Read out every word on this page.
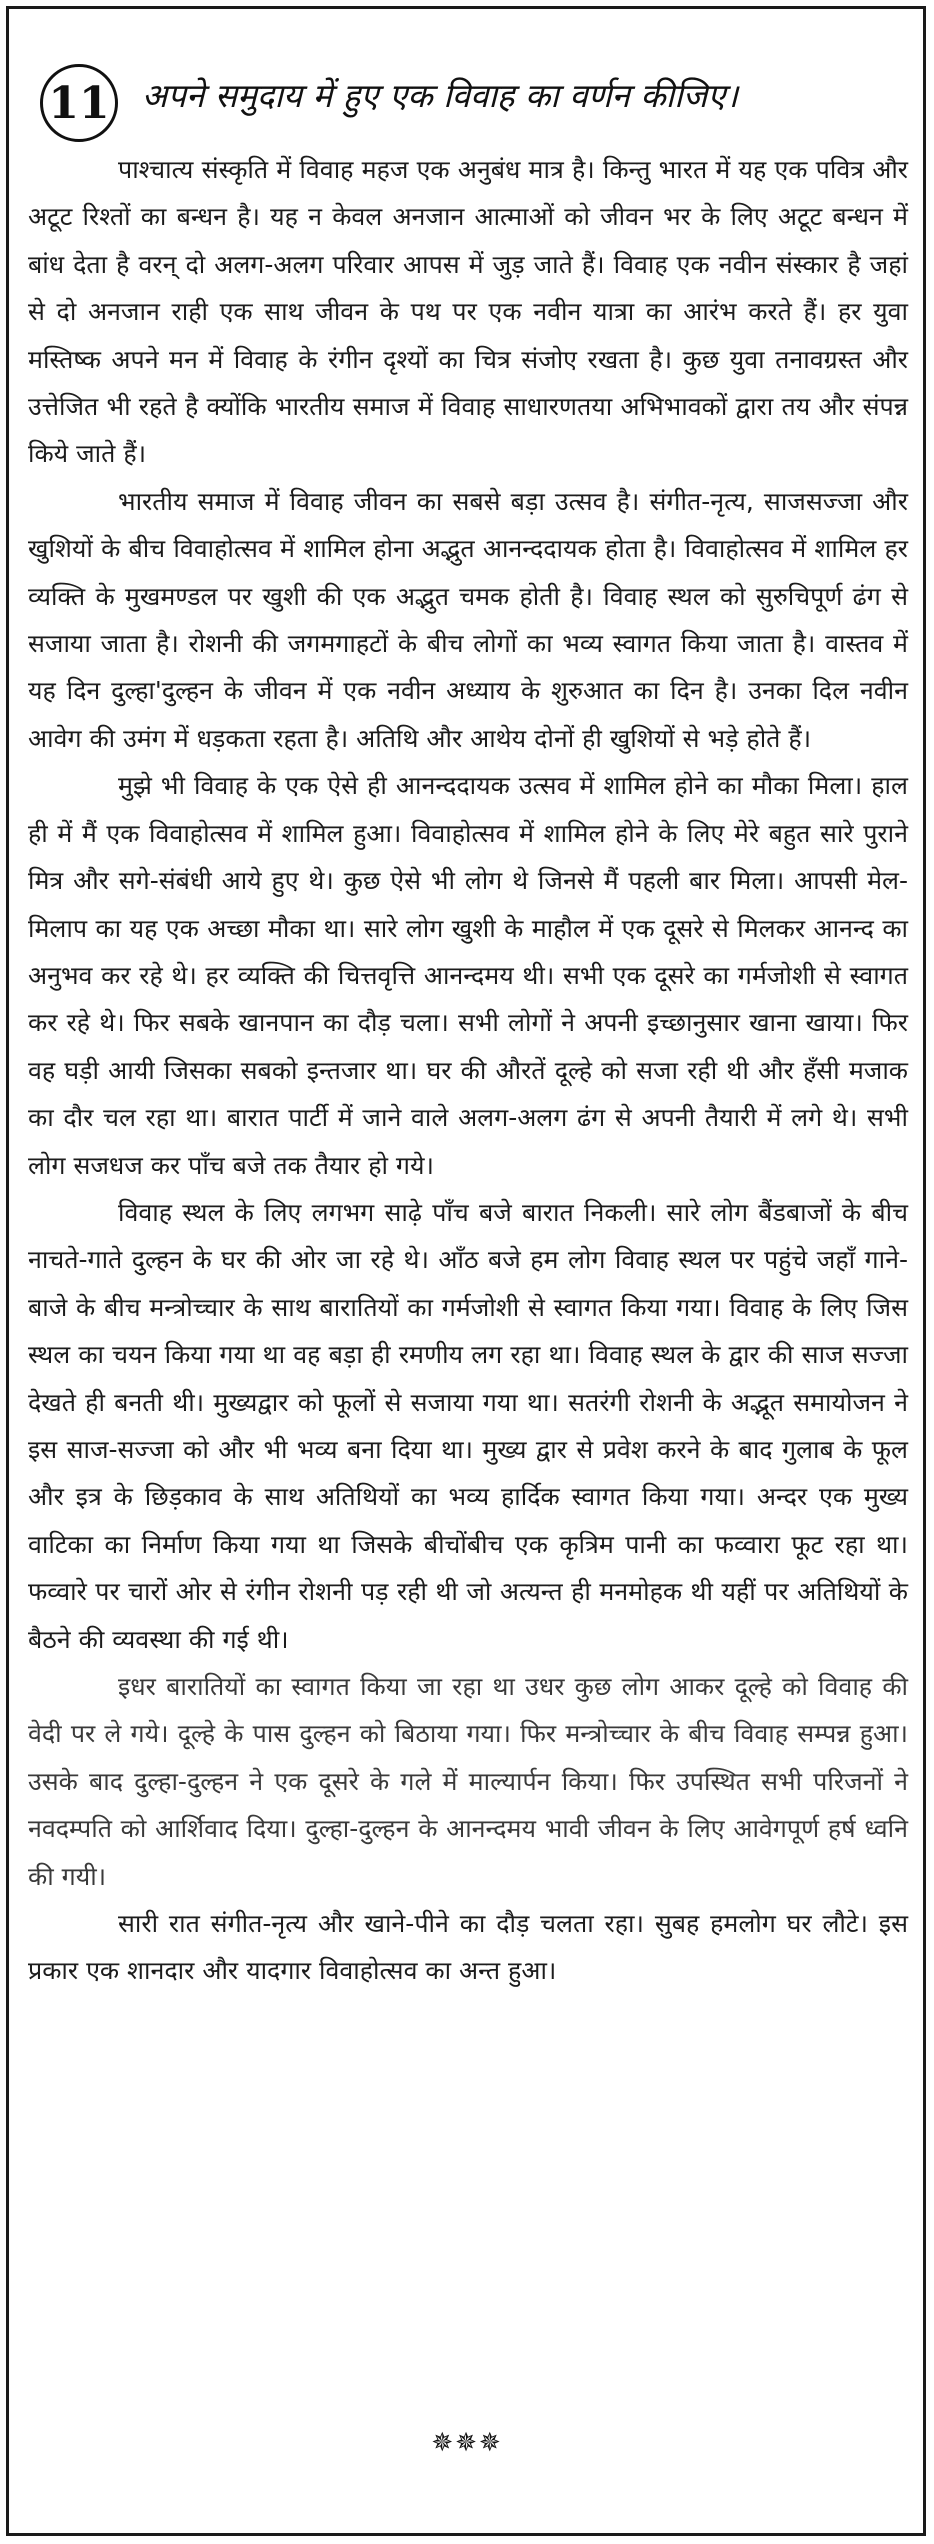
11 अपने समुदाय में हुए एक विवाह का वर्णन कीजिए।

पाश्चात्य संस्कृति में विवाह महज एक अनुबंध मात्र है। किन्तु भारत में यह एक पवित्र और अटूट रिश्तों का बन्धन है। यह न केवल अनजान आत्माओं को जीवन भर के लिए अटूट बन्धन में बांध देता है वरन् दो अलग-अलग परिवार आपस में जुड़ जाते हैं। विवाह एक नवीन संस्कार है जहां से दो अनजान राही एक साथ जीवन के पथ पर एक नवीन यात्रा का आरंभ करते हैं। हर युवा मस्तिष्क अपने मन में विवाह के रंगीन दृश्यों का चित्र संजोए रखता है। कुछ युवा तनावग्रस्त और उत्तेजित भी रहते है क्योंकि भारतीय समाज में विवाह साधारणतया अभिभावकों द्वारा तय और संपन्न किये जाते हैं।

भारतीय समाज में विवाह जीवन का सबसे बड़ा उत्सव है। संगीत-नृत्य, साजसज्जा और खुशियों के बीच विवाहोत्सव में शामिल होना अद्भुत आनन्ददायक होता है। विवाहोत्सव में शामिल हर व्यक्ति के मुखमण्डल पर खुशी की एक अद्भुत चमक होती है। विवाह स्थल को सुरुचिपूर्ण ढंग से सजाया जाता है। रोशनी की जगमगाहटों के बीच लोगों का भव्य स्वागत किया जाता है। वास्तव में यह दिन दुल्हा'दुल्हन के जीवन में एक नवीन अध्याय के शुरुआत का दिन है। उनका दिल नवीन आवेग की उमंग में धड़कता रहता है। अतिथि और आथेय दोनों ही खुशियों से भड़े होते हैं।

मुझे भी विवाह के एक ऐसे ही आनन्ददायक उत्सव में शामिल होने का मौका मिला। हाल ही में मैं एक विवाहोत्सव में शामिल हुआ। विवाहोत्सव में शामिल होने के लिए मेरे बहुत सारे पुराने मित्र और सगे-संबंधी आये हुए थे। कुछ ऐसे भी लोग थे जिनसे मैं पहली बार मिला। आपसी मेल-मिलाप का यह एक अच्छा मौका था। सारे लोग खुशी के माहौल में एक दूसरे से मिलकर आनन्द का अनुभव कर रहे थे। हर व्यक्ति की चित्तवृत्ति आनन्दमय थी। सभी एक दूसरे का गर्मजोशी से स्वागत कर रहे थे। फिर सबके खानपान का दौड़ चला। सभी लोगों ने अपनी इच्छानुसार खाना खाया। फिर वह घड़ी आयी जिसका सबको इन्तजार था। घर की औरतें दूल्हे को सजा रही थी और हँसी मजाक का दौर चल रहा था। बारात पार्टी में जाने वाले अलग-अलग ढंग से अपनी तैयारी में लगे थे। सभी लोग सजधज कर पाँच बजे तक तैयार हो गये।

विवाह स्थल के लिए लगभग साढ़े पाँच बजे बारात निकली। सारे लोग बैंडबाजों के बीच नाचते-गाते दुल्हन के घर की ओर जा रहे थे। आँठ बजे हम लोग विवाह स्थल पर पहुंचे जहाँ गाने-बाजे के बीच मन्त्रोच्चार के साथ बारातियों का गर्मजोशी से स्वागत किया गया। विवाह के लिए जिस स्थल का चयन किया गया था वह बड़ा ही रमणीय लग रहा था। विवाह स्थल के द्वार की साज सज्जा देखते ही बनती थी। मुख्यद्वार को फूलों से सजाया गया था। सतरंगी रोशनी के अद्भूत समायोजन ने इस साज-सज्जा को और भी भव्य बना दिया था। मुख्य द्वार से प्रवेश करने के बाद गुलाब के फूल और इत्र के छिड़काव के साथ अतिथियों का भव्य हार्दिक स्वागत किया गया। अन्दर एक मुख्य वाटिका का निर्माण किया गया था जिसके बीचोंबीच एक कृत्रिम पानी का फव्वारा फूट रहा था। फव्वारे पर चारों ओर से रंगीन रोशनी पड़ रही थी जो अत्यन्त ही मनमोहक थी यहीं पर अतिथियों के बैठने की व्यवस्था की गई थी।

इधर बारातियों का स्वागत किया जा रहा था उधर कुछ लोग आकर दूल्हे को विवाह की वेदी पर ले गये। दूल्हे के पास दुल्हन को बिठाया गया। फिर मन्त्रोच्चार के बीच विवाह सम्पन्न हुआ। उसके बाद दुल्हा-दुल्हन ने एक दूसरे के गले में माल्यार्पन किया। फिर उपस्थित सभी परिजनों ने नवदम्पति को आर्शिवाद दिया। दुल्हा-दुल्हन के आनन्दमय भावी जीवन के लिए आवेगपूर्ण हर्ष ध्वनि की गयी।

सारी रात संगीत-नृत्य और खाने-पीने का दौड़ चलता रहा। सुबह हमलोग घर लौटे। इस प्रकार एक शानदार और यादगार विवाहोत्सव का अन्त हुआ।

✵✵✵
